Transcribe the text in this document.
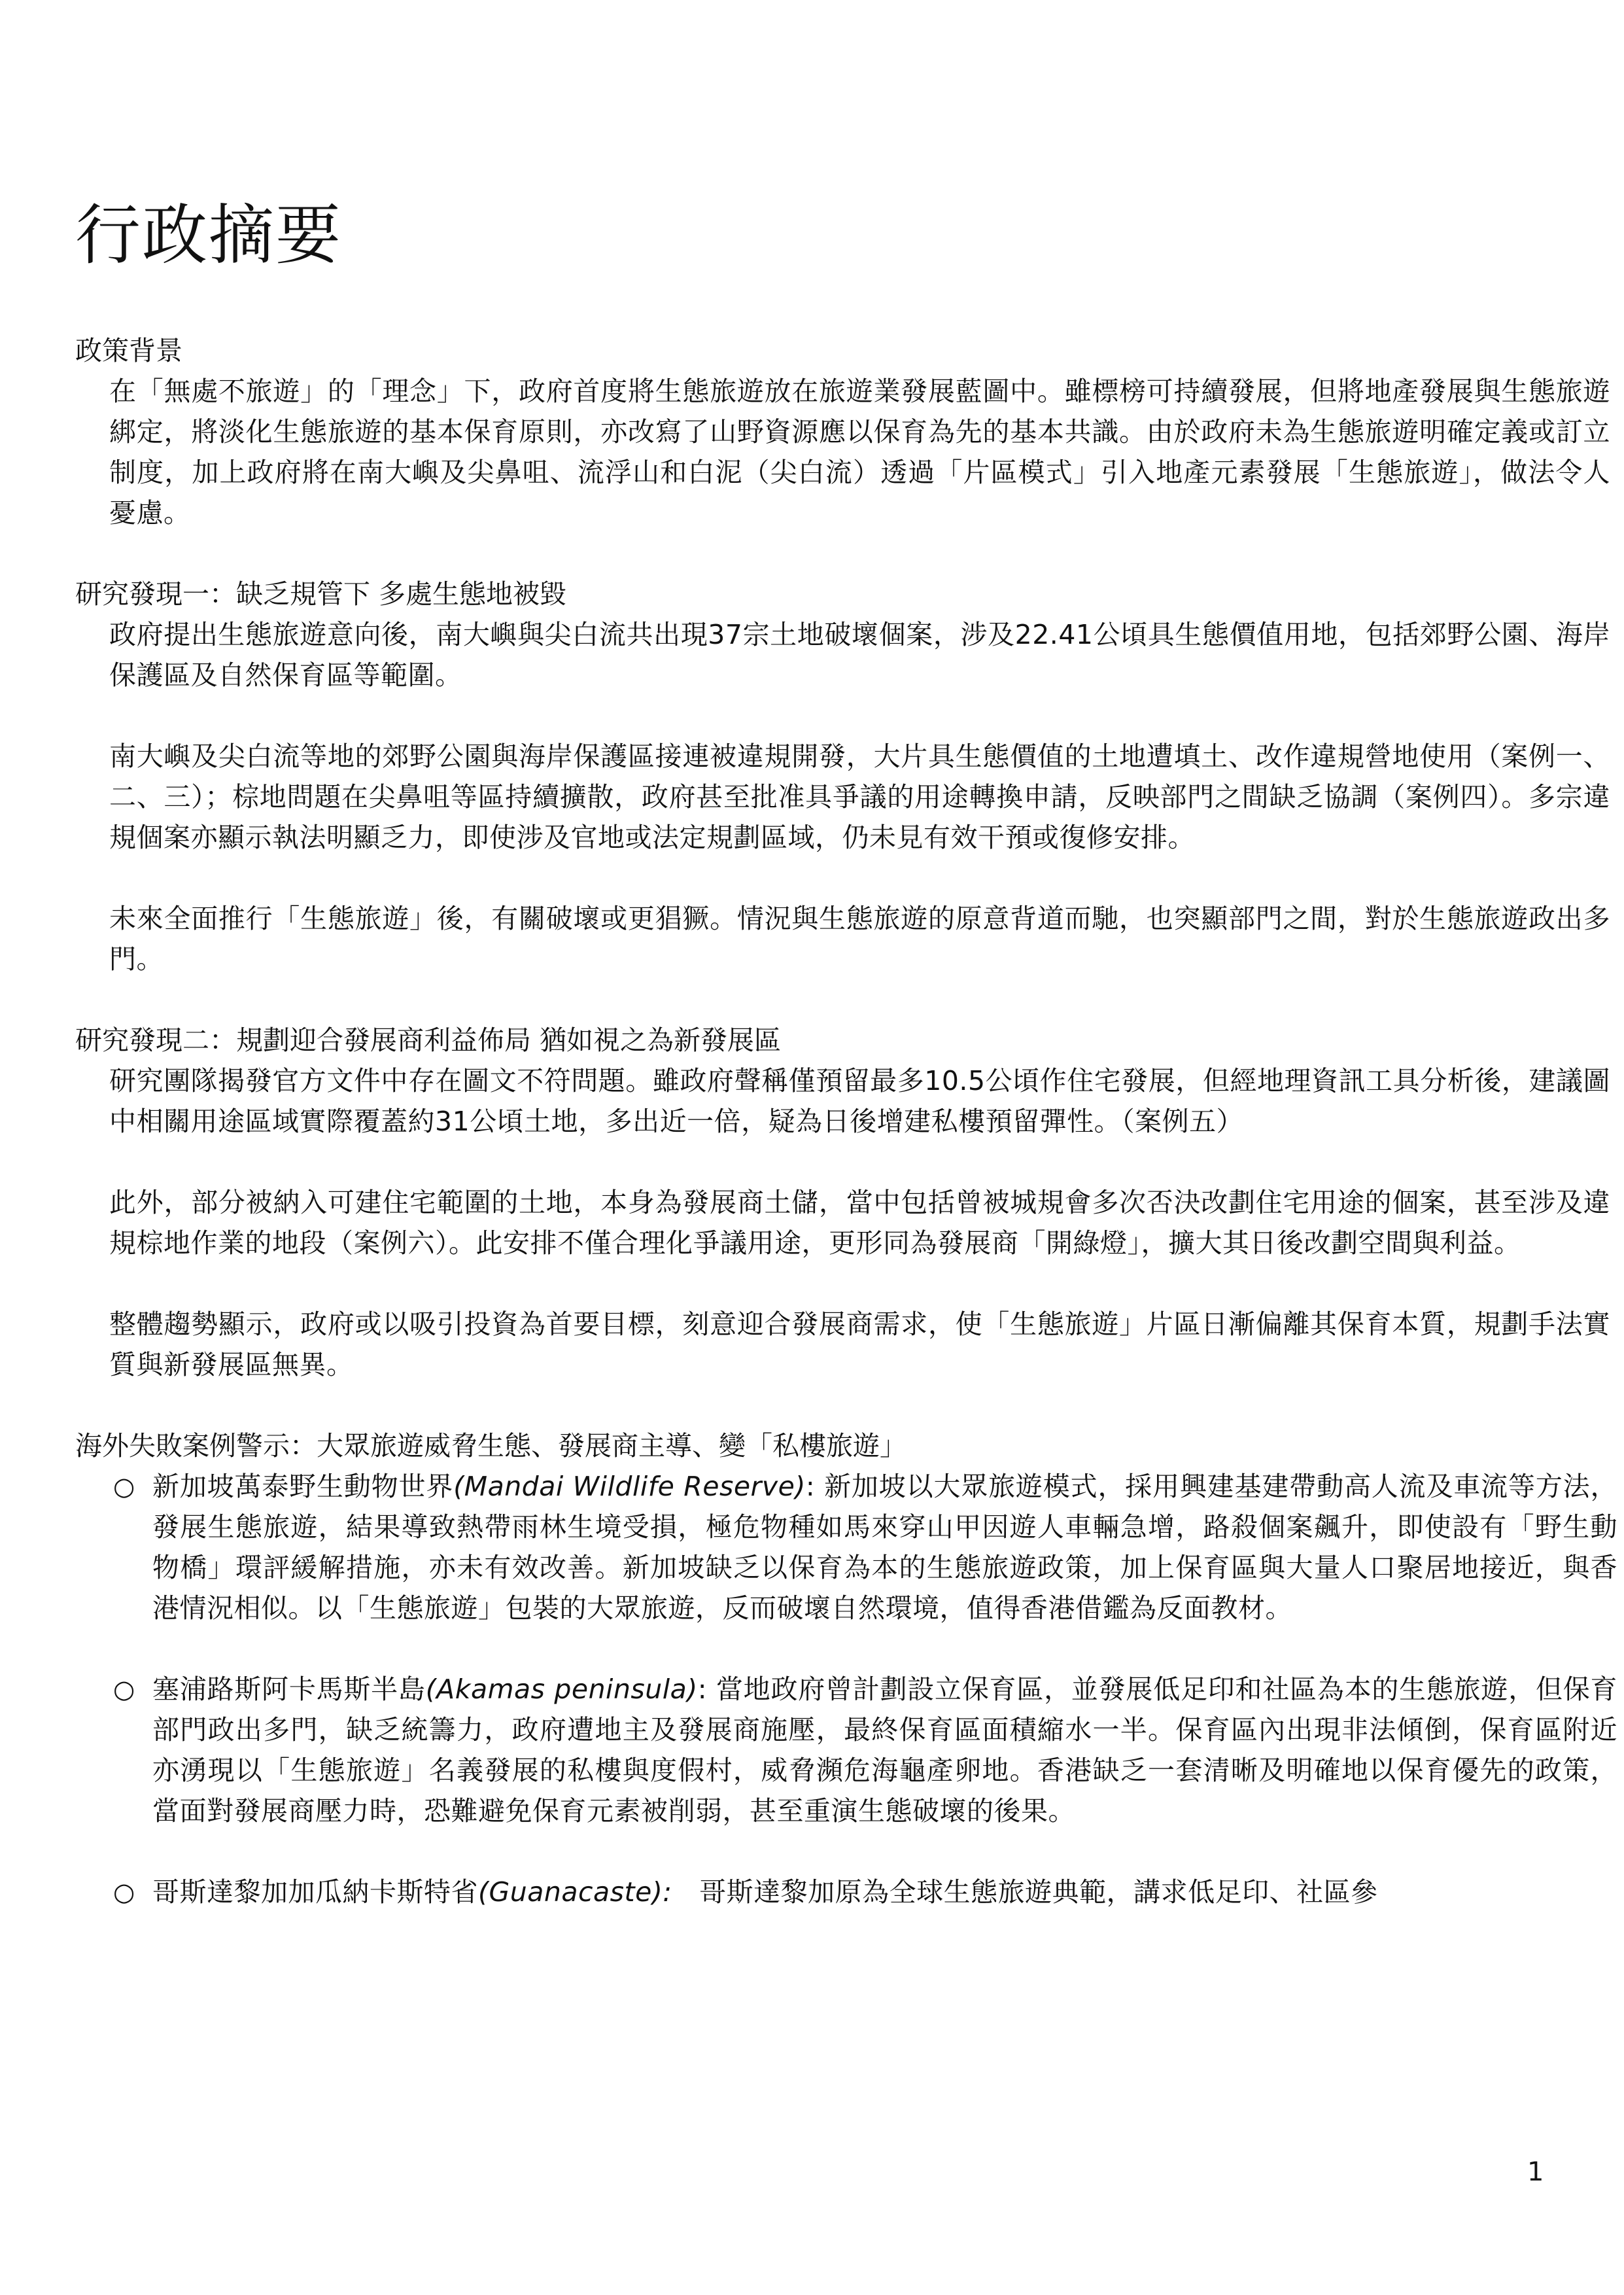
行政摘要

政策背景

在「無處不旅遊」的「理念」下，政府首度將生態旅遊放在旅遊業發展藍圖中。雖標榜可持續發展，但將地產發展與生態旅遊綁定，將淡化生態旅遊的基本保育原則，亦改寫了山野資源應以保育為先的基本共識。由於政府未為生態旅遊明確定義或訂立制度，加上政府將在南大嶼及尖鼻咀、流浮山和白泥（尖白流）透過「片區模式」引入地產元素發展「生態旅遊」，做法令人憂慮。

研究發現一：缺乏規管下 多處生態地被毀

政府提出生態旅遊意向後，南大嶼與尖白流共出現37宗土地破壞個案，涉及22.41公頃具生態價值用地，包括郊野公園、海岸保護區及自然保育區等範圍。

南大嶼及尖白流等地的郊野公園與海岸保護區接連被違規開發，大片具生態價值的土地遭填土、改作違規營地使用（案例一、二、三）；棕地問題在尖鼻咀等區持續擴散，政府甚至批准具爭議的用途轉換申請，反映部門之間缺乏協調（案例四）。多宗違規個案亦顯示執法明顯乏力，即使涉及官地或法定規劃區域，仍未見有效干預或復修安排。

未來全面推行「生態旅遊」後，有關破壞或更猖獗。情況與生態旅遊的原意背道而馳，也突顯部門之間，對於生態旅遊政出多門。

研究發現二：規劃迎合發展商利益佈局 猶如視之為新發展區

研究團隊揭發官方文件中存在圖文不符問題。雖政府聲稱僅預留最多10.5公頃作住宅發展，但經地理資訊工具分析後，建議圖中相關用途區域實際覆蓋約31公頃土地，多出近一倍，疑為日後增建私樓預留彈性。（案例五）

此外，部分被納入可建住宅範圍的土地，本身為發展商土儲，當中包括曾被城規會多次否決改劃住宅用途的個案，甚至涉及違規棕地作業的地段（案例六）。此安排不僅合理化爭議用途，更形同為發展商「開綠燈」，擴大其日後改劃空間與利益。

整體趨勢顯示，政府或以吸引投資為首要目標，刻意迎合發展商需求，使「生態旅遊」片區日漸偏離其保育本質，規劃手法實質與新發展區無異。

海外失敗案例警示：大眾旅遊威脅生態、發展商主導、變「私樓旅遊」

○ 新加坡萬泰野生動物世界(Mandai Wildlife Reserve): 新加坡以大眾旅遊模式，採用興建基建帶動高人流及車流等方法，發展生態旅遊，結果導致熱帶雨林生境受損，極危物種如馬來穿山甲因遊人車輛急增，路殺個案飆升，即使設有「野生動物橋」環評緩解措施，亦未有效改善。新加坡缺乏以保育為本的生態旅遊政策，加上保育區與大量人口聚居地接近，與香港情況相似。以「生態旅遊」包裝的大眾旅遊，反而破壞自然環境，值得香港借鑑為反面教材。
○ 塞浦路斯阿卡馬斯半島(Akamas peninsula): 當地政府曾計劃設立保育區，並發展低足印和社區為本的生態旅遊，但保育部門政出多門，缺乏統籌力，政府遭地主及發展商施壓，最終保育區面積縮水一半。保育區內出現非法傾倒，保育區附近亦湧現以「生態旅遊」名義發展的私樓與度假村，威脅瀕危海龜產卵地。香港缺乏一套清晰及明確地以保育優先的政策，當面對發展商壓力時，恐難避免保育元素被削弱，甚至重演生態破壞的後果。
○ 哥斯達黎加加瓜納卡斯特省(Guanacaste):　哥斯達黎加原為全球生態旅遊典範，講求低足印、社區參
1
